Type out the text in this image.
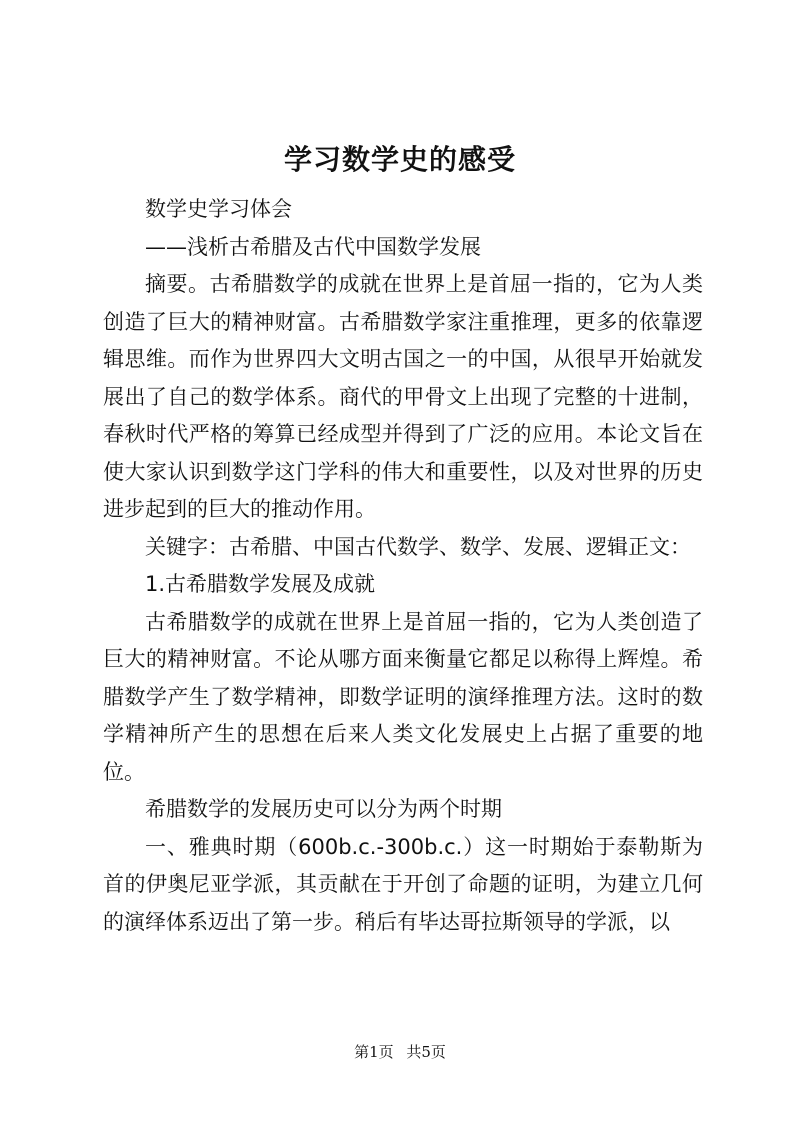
学习数学史的感受

数学史学习体会

——浅析古希腊及古代中国数学发展

摘要。古希腊数学的成就在世界上是首屈一指的，它为人类创造了巨大的精神财富。古希腊数学家注重推理，更多的依靠逻辑思维。而作为世界四大文明古国之一的中国，从很早开始就发展出了自己的数学体系。商代的甲骨文上出现了完整的十进制，春秋时代严格的筹算已经成型并得到了广泛的应用。本论文旨在使大家认识到数学这门学科的伟大和重要性，以及对世界的历史进步起到的巨大的推动作用。

关键字：古希腊、中国古代数学、数学、发展、逻辑正文：

1.古希腊数学发展及成就

古希腊数学的成就在世界上是首屈一指的，它为人类创造了巨大的精神财富。不论从哪方面来衡量它都足以称得上辉煌。希腊数学产生了数学精神，即数学证明的演绎推理方法。这时的数学精神所产生的思想在后来人类文化发展史上占据了重要的地位。

希腊数学的发展历史可以分为两个时期

一、雅典时期（600b.c.-300b.c.）这一时期始于泰勒斯为首的伊奥尼亚学派，其贡献在于开创了命题的证明，为建立几何的演绎体系迈出了第一步。稍后有毕达哥拉斯领导的学派，以

第1页 共5页
